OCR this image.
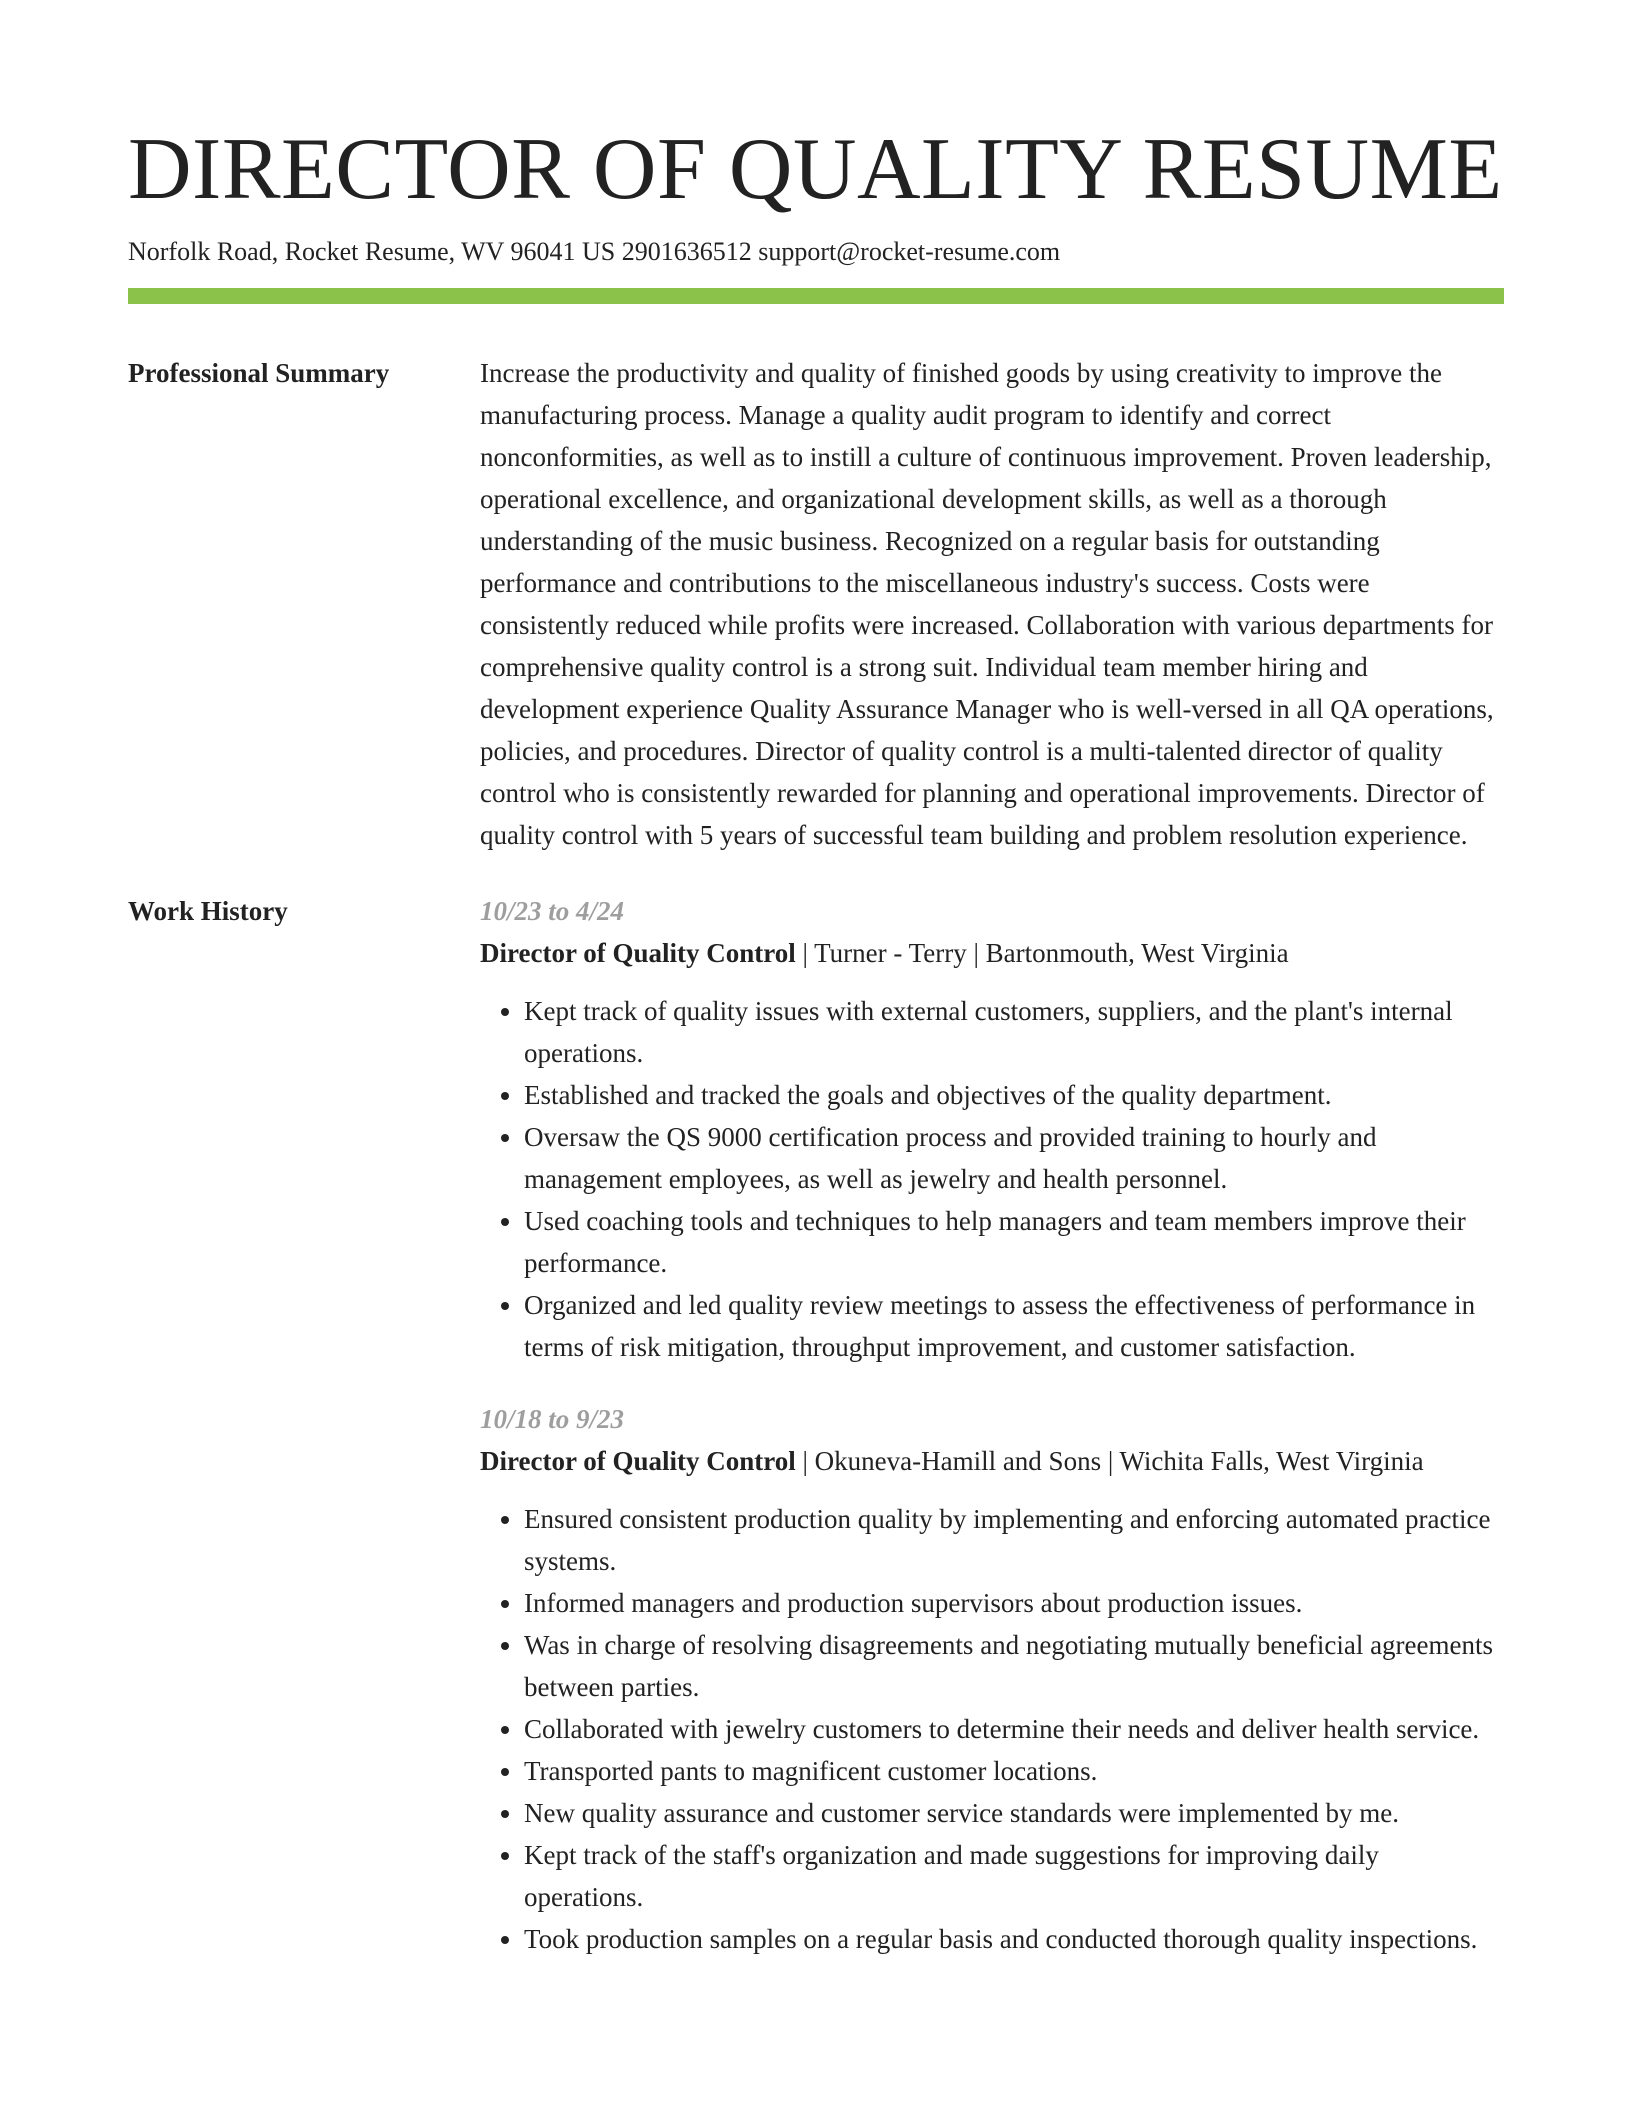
DIRECTOR OF QUALITY RESUME
Norfolk Road, Rocket Resume, WV 96041 US 2901636512 support@rocket-resume.com
Professional Summary	Increase the productivity and quality of finished goods by using creativity to improve the manufacturing process. Manage a quality audit program to identify and correct nonconformities, as well as to instill a culture of continuous improvement. Proven leadership, operational excellence, and organizational development skills, as well as a thorough understanding of the music business. Recognized on a regular basis for outstanding performance and contributions to the miscellaneous industry's success. Costs were consistently reduced while profits were increased. Collaboration with various departments for comprehensive quality control is a strong suit. Individual team member hiring and development experience Quality Assurance Manager who is well-versed in all QA operations, policies, and procedures. Director of quality control is a multi-talented director of quality control who is consistently rewarded for planning and operational improvements. Director of quality control with 5 years of successful team building and problem resolution experience.

Work History	10/23 to 4/24
Director of Quality Control | Turner - Terry | Bartonmouth, West Virginia
• Kept track of quality issues with external customers, suppliers, and the plant's internal operations.
• Established and tracked the goals and objectives of the quality department.
• Oversaw the QS 9000 certification process and provided training to hourly and management employees, as well as jewelry and health personnel.
• Used coaching tools and techniques to help managers and team members improve their performance.
• Organized and led quality review meetings to assess the effectiveness of performance in terms of risk mitigation, throughput improvement, and customer satisfaction.
10/18 to 9/23
Director of Quality Control | Okuneva-Hamill and Sons | Wichita Falls, West Virginia
• Ensured consistent production quality by implementing and enforcing automated practice systems.
• Informed managers and production supervisors about production issues.
• Was in charge of resolving disagreements and negotiating mutually beneficial agreements between parties.
• Collaborated with jewelry customers to determine their needs and deliver health service.
• Transported pants to magnificent customer locations.
• New quality assurance and customer service standards were implemented by me.
• Kept track of the staff's organization and made suggestions for improving daily operations.
• Took production samples on a regular basis and conducted thorough quality inspections.
